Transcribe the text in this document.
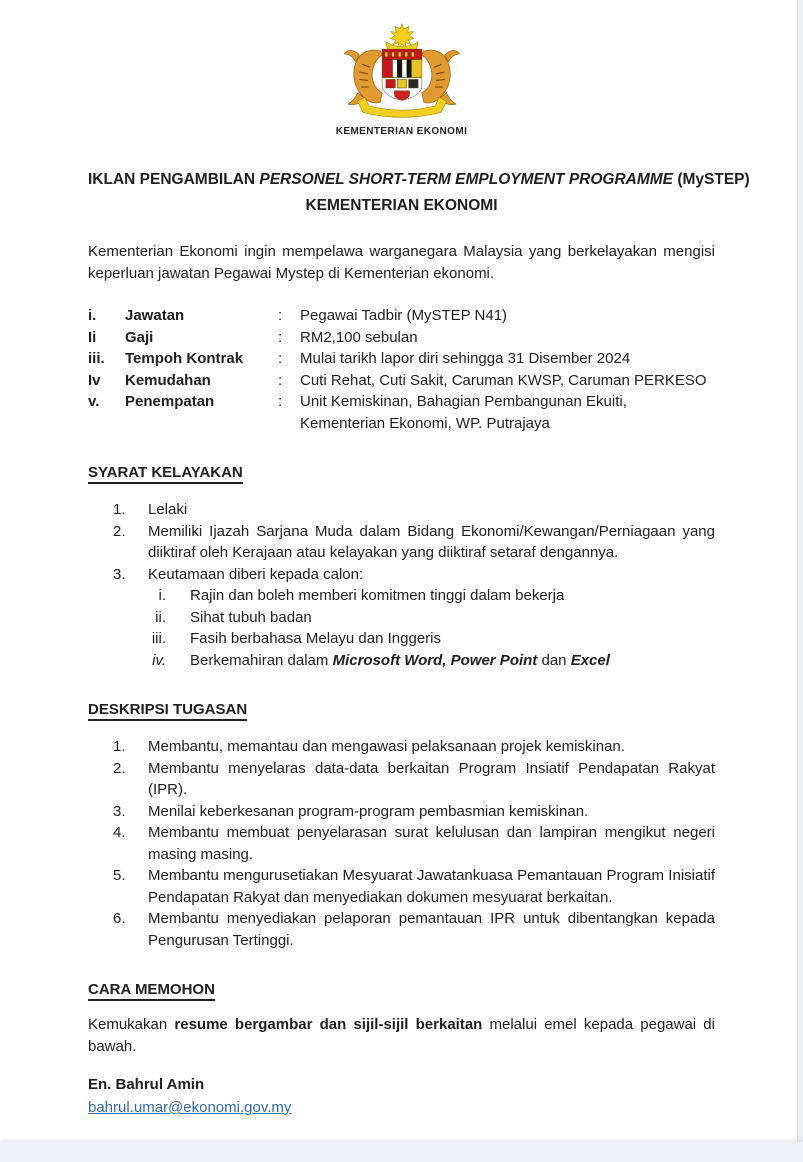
KEMENTERIAN EKONOMI
IKLAN PENGAMBILAN PERSONEL SHORT-TERM EMPLOYMENT PROGRAMME (MySTEP)
KEMENTERIAN EKONOMI
Kementerian Ekonomi ingin mempelawa warganegara Malaysia yang berkelayakan mengisi keperluan jawatan Pegawai Mystep di Kementerian ekonomi.
i.	Jawatan	:	Pegawai Tadbir (MySTEP N41)
Ii	Gaji	:	RM2,100 sebulan
iii.	Tempoh Kontrak	:	Mulai tarikh lapor diri sehingga 31 Disember 2024
Iv	Kemudahan	:	Cuti Rehat, Cuti Sakit, Caruman KWSP, Caruman PERKESO
v.	Penempatan	:	Unit Kemiskinan, Bahagian Pembangunan Ekuiti, Kementerian Ekonomi, WP. Putrajaya
SYARAT KELAYAKAN
1.	Lelaki
2.	Memiliki Ijazah Sarjana Muda dalam Bidang Ekonomi/Kewangan/Perniagaan yang diiktiraf oleh Kerajaan atau kelayakan yang diiktiraf setaraf dengannya.
3.	Keutamaan diberi kepada calon:
i. Rajin dan boleh memberi komitmen tinggi dalam bekerja
ii. Sihat tubuh badan
iii. Fasih berbahasa Melayu dan Inggeris
iv. Berkemahiran dalam Microsoft Word, Power Point dan Excel
DESKRIPSI TUGASAN
1.	Membantu, memantau dan mengawasi pelaksanaan projek kemiskinan.
2.	Membantu menyelaras data-data berkaitan Program Insiatif Pendapatan Rakyat (IPR).
3.	Menilai keberkesanan program-program pembasmian kemiskinan.
4.	Membantu membuat penyelarasan surat kelulusan dan lampiran mengikut negeri masing masing.
5.	Membantu mengurusetiakan Mesyuarat Jawatankuasa Pemantauan Program Inisiatif Pendapatan Rakyat dan menyediakan dokumen mesyuarat berkaitan.
6.	Membantu menyediakan pelaporan pemantauan IPR untuk dibentangkan kepada Pengurusan Tertinggi.
CARA MEMOHON
Kemukakan resume bergambar dan sijil-sijil berkaitan melalui emel kepada pegawai di bawah.
En. Bahrul Amin
bahrul.umar@ekonomi.gov.my
